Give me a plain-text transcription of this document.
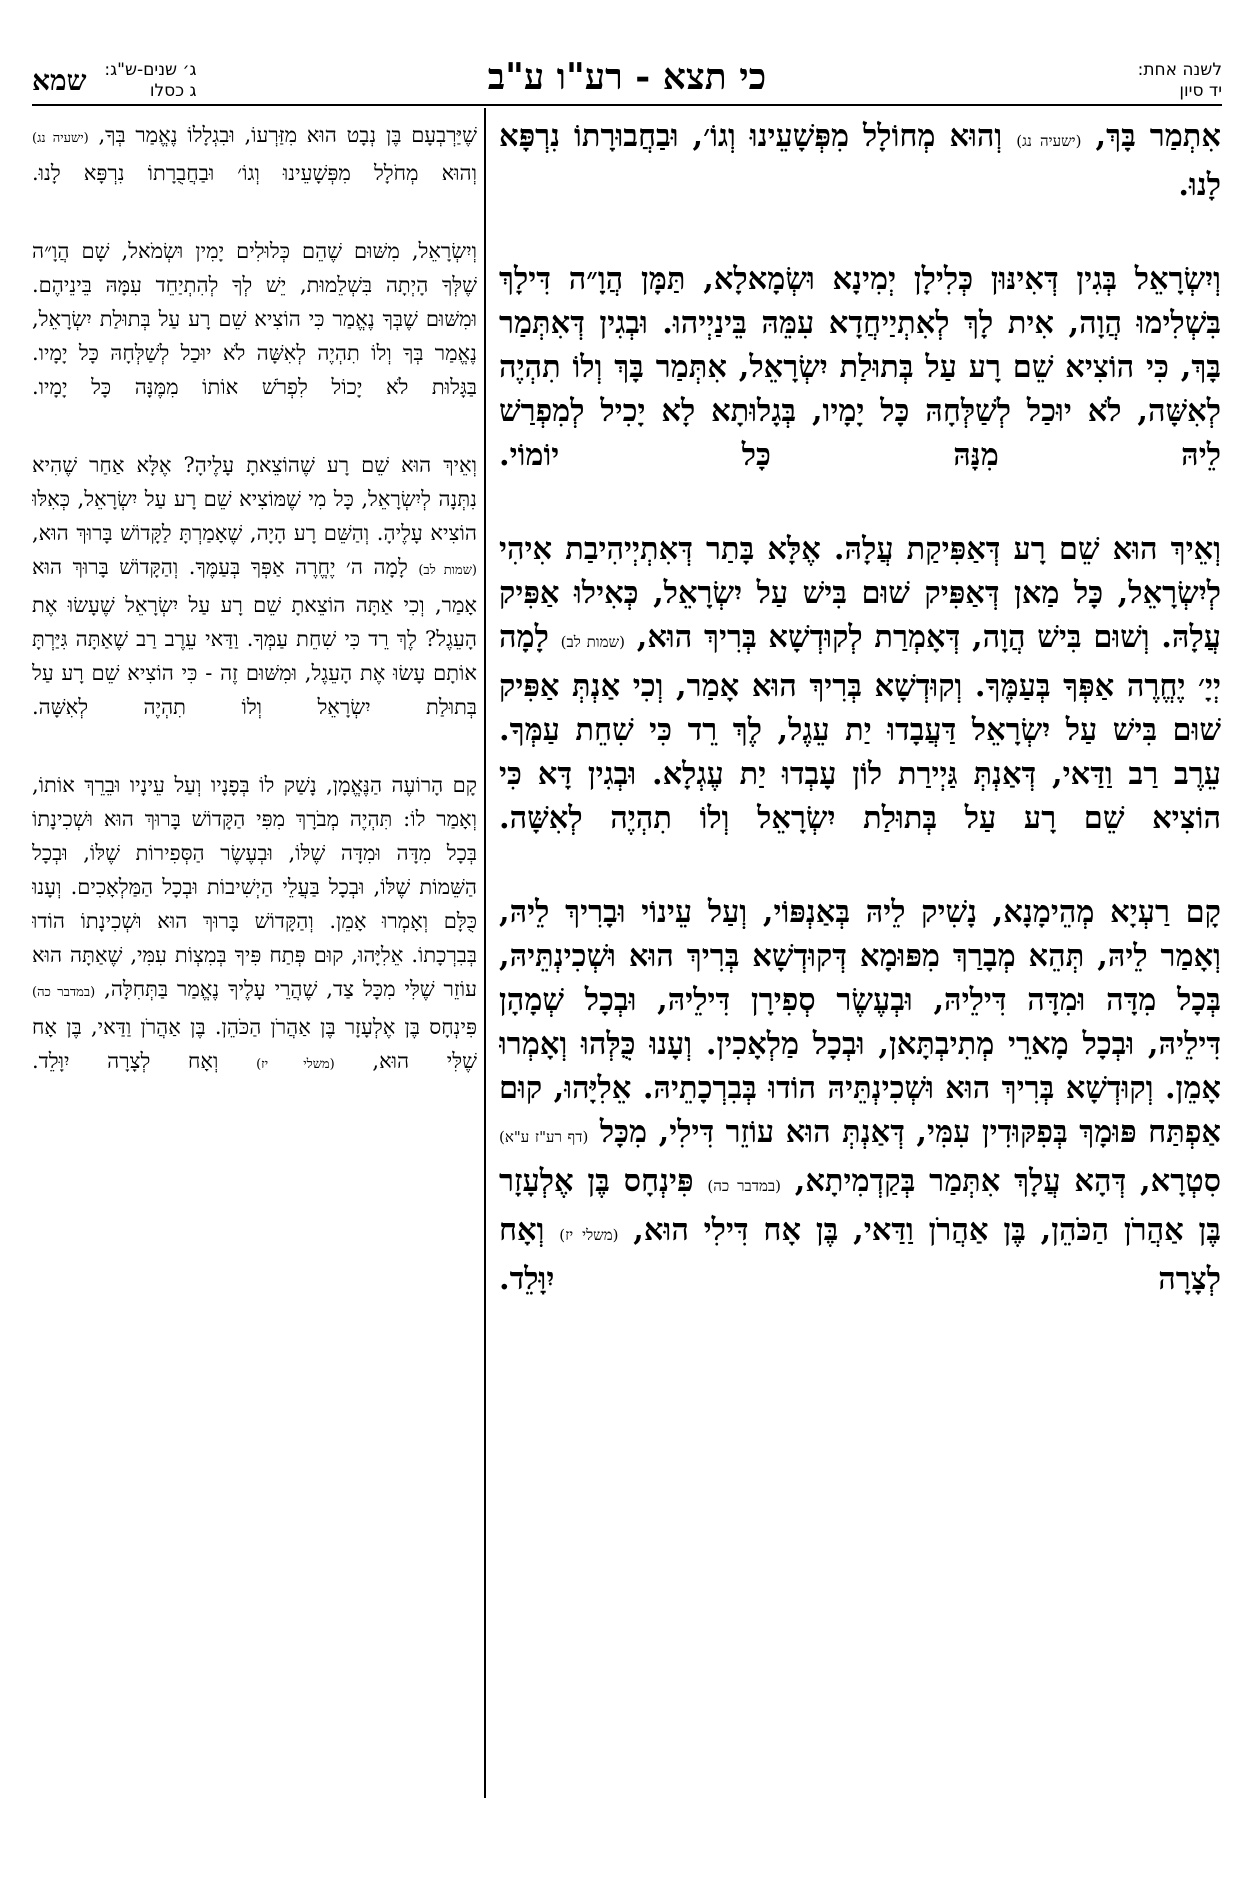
לשנה אחת:
יד סיון
כי תצא - רע"ו ע"ב
ג׳ שנים-ש"ג:
ג כסלו
שמא

אִתְמַר בָּךְ, (ישעיה נג) וְהוּא מְחוֹלָל מִפְּשָׁעֵינוּ וְגוֹ׳, וּבַחֲבוּרָתוֹ נִרְפָּא לָנוּ.

וְיִשְׂרָאֵל בְּגִין דְּאִינּוּן כְּלִילָן יְמִינָא וּשְׂמָאלָא, תַּמָּן הֲוָ״ה דִּילָךְ בִּשְׁלִימוּ הֲוָה, אִית לָךְ לְאִתְיַיחֲדָא עִמֵּהּ בֵּינַיְיהוּ. וּבְגִין דְּאִתְּמַר בָּךְ, כִּי הוֹצִיא שֵׁם רָע עַל בְּתוּלַת יִשְׂרָאֵל, אִתְּמַר בָּךְ וְלוֹ תִהְיֶה לְאִשָּׁה, לֹא יוּכַל לְשַׁלְּחָהּ כָּל יָמָיו, בְּגָלוּתָא לָא יָכִיל לְמִפְרַשׁ לֵיהּ מִנָּהּ כָּל יוֹמוֹי.

וְאֵיךְ הוּא שֵׁם רָע דְּאַפִּיקַת עֲלָהּ. אֶלָּא בָּתַר דְּאִתְיְיהִיבַת אִיהִי לְיִשְׂרָאֵל, כָּל מַאן דְּאַפִּיק שׁוּם בִּישׁ עַל יִשְׂרָאֵל, כְּאִילוּ אַפִּיק עֲלָהּ. וְשׁוּם בִּישׁ הֲוָה, דְּאָמְרַת לְקוּדְשָׁא בְּרִיךְ הוּא, (שמות לב) לָמָה יְיָ׳ יֶחֱרֶה אַפְּךָ בְּעַמֶּךָ. וְקוּדְשָׁא בְּרִיךְ הוּא אָמַר, וְכִי אַנְתְּ אַפִּיק שׁוּם בִּישׁ עַל יִשְׂרָאֵל דַּעֲבָדוּ יַת עֵגֶל, לֶךְ רֵד כִּי שִׁחֵת עַמְּךָ. עֵרֶב רַב וַדַּאי, דְּאַנְתְּ גַּיְירַת לוֹן עָבְדוּ יַת עֶגְלָא. וּבְגִין דָּא כִּי הוֹצִיא שֵׁם רָע עַל בְּתוּלַת יִשְׂרָאֵל וְלוֹ תִהְיֶה לְאִשָּׁה.

קָם רַעְיָא מְהֵימָנָא, נָשִׁיק לֵיהּ בְּאַנְפּוֹי, וְעַל עֵינוֹי וּבָרִיךְ לֵיהּ, וְאָמַר לֵיהּ, תְּהֵא מְבָרַךְ מִפּוּמָא דְּקוּדְשָׁא בְּרִיךְ הוּא וּשְׁכִינְתֵּיהּ, בְּכָל מִדָּה וּמִדָּה דִּילֵיהּ, וּבְעֶשֶׂר סְפִירָן דִּילֵיהּ, וּבְכָל שְׁמָהָן דִּילֵיהּ, וּבְכָל מָארֵי מְתִיבְתָּאן, וּבְכָל מַלְאָכִין. וְעָנוּ כֻּלְּהוּ וְאָמְרוּ אָמֵן. וְקוּדְשָׁא בְּרִיךְ הוּא וּשְׁכִינְתֵּיהּ הוֹדוּ בְּבִרְכָתֵיהּ. אֵלִיָּהוּ, קוּם אַפְתַּח פּוּמָךְ בְּפִקּוּדִין עִמִּי, דְּאַנְתְּ הוּא עוֹזֵר דִּילִי, מִכָּל (דף רע"ז ע"א) סִטְרָא, דְּהָא עֲלָךְ אִתְּמַר בְּקַדְמִיתָא, (במדבר כה) פִּינְחָס בֶּן אֶלְעָזָר בֶּן אַהֲרֹן הַכֹּהֵן, בֶּן אַהֲרֹן וַדַּאי, בֶּן אָח דִּילִי הוּא, (משלי יז) וְאָח לְצָרָה יִוָּלֵד.

שֶׁיַּרְבְעָם בֶּן נְבָט הוּא מִזַּרְעוֹ, וּבִגְלָלוֹ נֶאֱמַר בְּךָ, (ישעיה נג) וְהוּא מְחֹלָל מִפְּשָׁעֵינוּ וְגוֹ׳ וּבַחֲבֻרָתוֹ נִרְפָּא לָנוּ.

וְיִשְׂרָאֵל, מִשּׁוּם שֶׁהֵם כְּלוּלִים יָמִין וּשְׂמֹאל, שָׁם הֲוָ״ה שֶׁלְּךָ הָיְתָה בִּשְׁלֵמוּת, יֵשׁ לְךָ לְהִתְיַחֵד עִמָּהּ בֵּינֵיהֶם. וּמִשּׁוּם שֶׁבְּךָ נֶאֱמַר כִּי הוֹצִיא שֵׁם רָע עַל בְּתוּלַת יִשְׂרָאֵל, נֶאֱמַר בְּךָ וְלוֹ תִהְיֶה לְאִשָּׁה לֹא יוּכַל לְשַׁלְּחָהּ כָּל יָמָיו. בַּגָּלוּת לֹא יָכוֹל לִפְרֹשׁ אוֹתוֹ מִמֶּנָּה כָּל יָמָיו.

וְאֵיךְ הוּא שֵׁם רָע שֶׁהוֹצֵאתָ עָלֶיהָ? אֶלָּא אַחַר שֶׁהִיא נִתְּנָה לְיִשְׂרָאֵל, כָּל מִי שֶׁמּוֹצִיא שֵׁם רָע עַל יִשְׂרָאֵל, כְּאִלּוּ הוֹצִיא עָלֶיהָ. וְהַשֵּׁם רָע הָיָה, שֶׁאָמַרְתָּ לַקָּדוֹשׁ בָּרוּךְ הוּא, (שמות לב) לָמָה ה׳ יֶחֱרֶה אַפְּךָ בְּעַמֶּךָ. וְהַקָּדוֹשׁ בָּרוּךְ הוּא אָמַר, וְכִי אַתָּה הוֹצֵאתָ שֵׁם רָע עַל יִשְׂרָאֵל שֶׁעָשׂוּ אֶת הָעֵגֶל? לֶךְ רֵד כִּי שִׁחֵת עַמְּךָ. וַדַּאי עֵרֶב רַב שֶׁאַתָּה גִּיַּרְתָּ אוֹתָם עָשׂוּ אֶת הָעֵגֶל, וּמִשּׁוּם זֶה - כִּי הוֹצִיא שֵׁם רָע עַל בְּתוּלַת יִשְׂרָאֵל וְלוֹ תִהְיֶה לְאִשָּׁה.

קָם הָרוֹעֶה הַנֶּאֱמָן, נָשַׁק לוֹ בְּפָנָיו וְעַל עֵינָיו וּבֵרֵךְ אוֹתוֹ, וְאָמַר לוֹ: תִּהְיֶה מְבֹרָךְ מִפִּי הַקָּדוֹשׁ בָּרוּךְ הוּא וּשְׁכִינָתוֹ בְּכָל מִדָּה וּמִדָּה שֶׁלּוֹ, וּבְעֶשֶׂר הַסְּפִירוֹת שֶׁלּוֹ, וּבְכָל הַשֵּׁמוֹת שֶׁלּוֹ, וּבְכָל בַּעֲלֵי הַיְשִׁיבוֹת וּבְכָל הַמַּלְאָכִים. וְעָנוּ כֻּלָּם וְאָמְרוּ אָמֵן. וְהַקָּדוֹשׁ בָּרוּךְ הוּא וּשְׁכִינָתוֹ הוֹדוּ בְּבִרְכָתוֹ. אֵלִיָּהוּ, קוּם פְּתַח פִּיךָ בְּמִצְוֹת עִמִּי, שֶׁאַתָּה הוּא עוֹזֵר שֶׁלִּי מִכָּל צַד, שֶׁהֲרֵי עָלֶיךָ נֶאֱמַר בַּתְּחִלָּה, (במדבר כה) פִּינְחָס בֶּן אֶלְעָזָר בֶּן אַהֲרֹן הַכֹּהֵן. בֶּן אַהֲרֹן וַדַּאי, בֶּן אָח שֶׁלִּי הוּא, (משלי יז) וְאָח לְצָרָה יִוָּלֵד.
